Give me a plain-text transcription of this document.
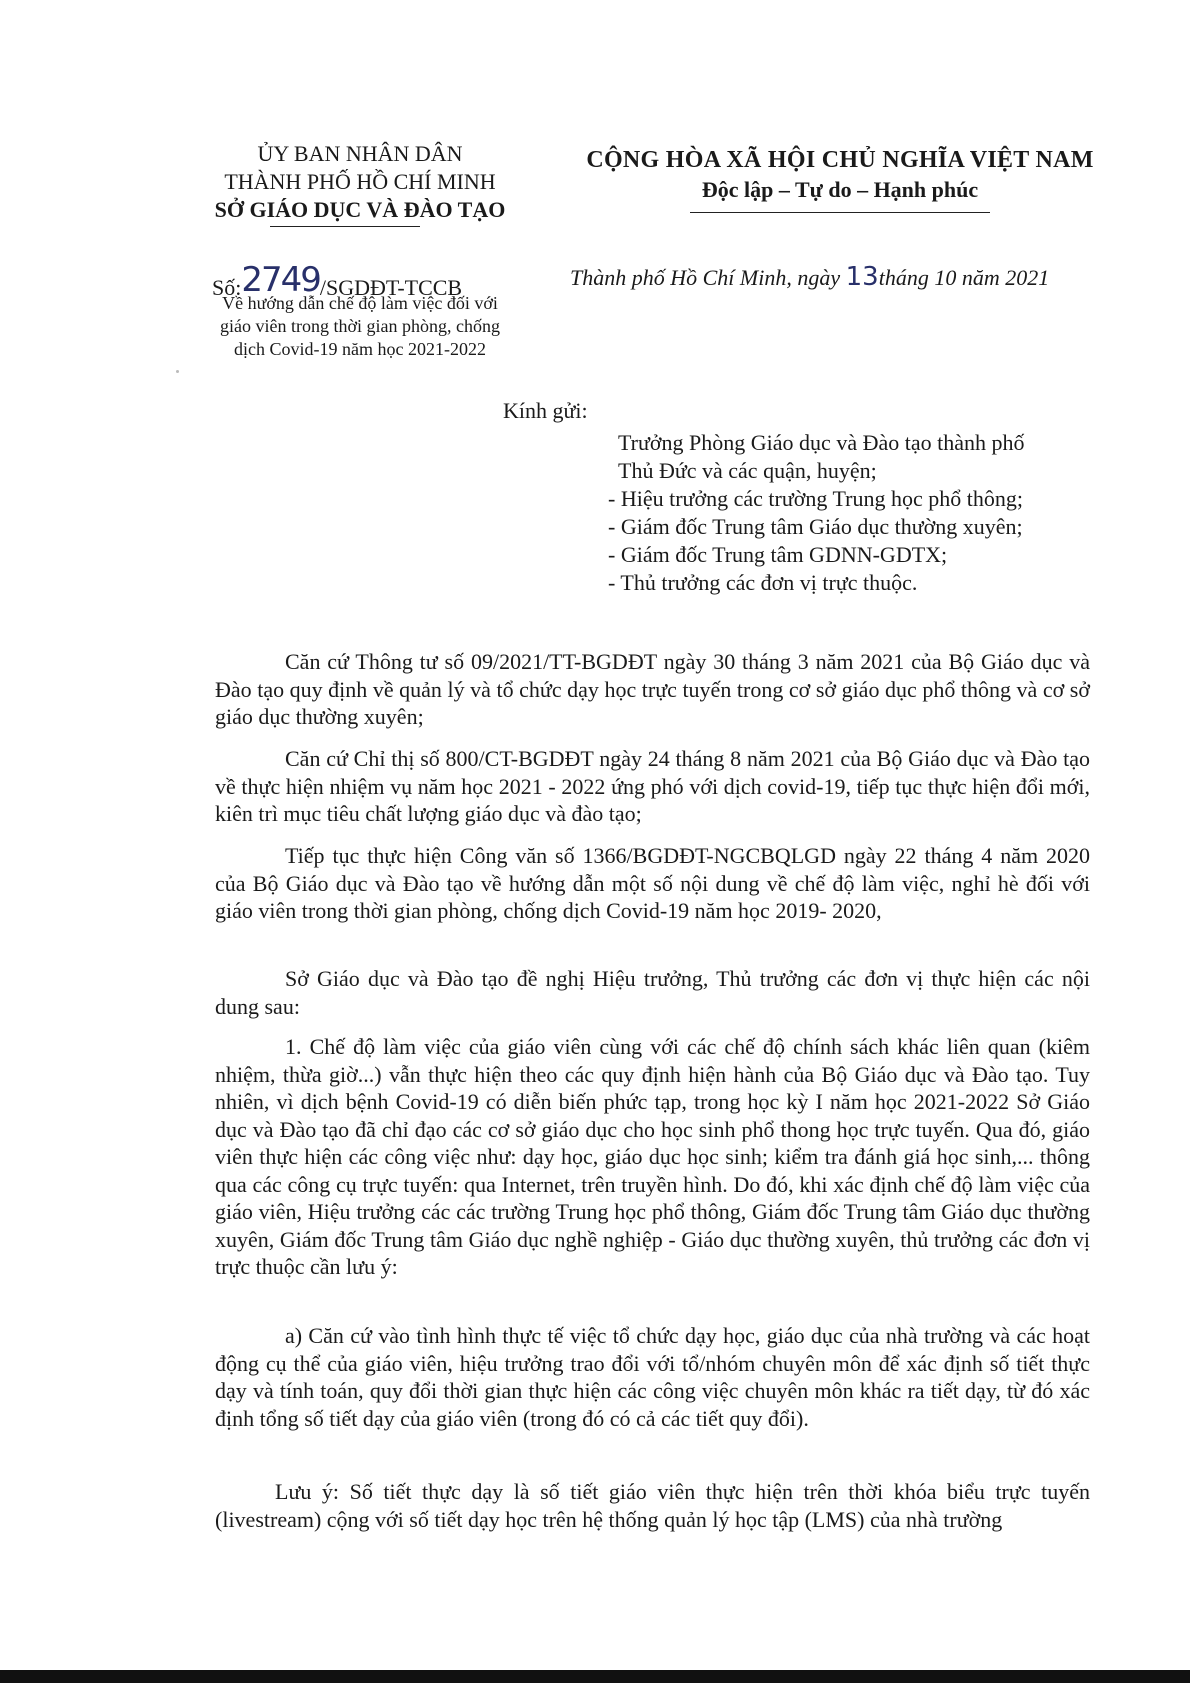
ỦY BAN NHÂN DÂN
THÀNH PHỐ HỒ CHÍ MINH
SỞ GIÁO DỤC VÀ ĐÀO TẠO
CỘNG HÒA XÃ HỘI CHỦ NGHĨA VIỆT NAM
Độc lập – Tự do – Hạnh phúc
Số:2749/SGDĐT-TCCB
Về hướng dẫn chế độ làm việc đối với
giáo viên trong thời gian phòng, chống
dịch Covid-19 năm học 2021-2022
Thành phố Hồ Chí Minh, ngày 13tháng 10 năm 2021
Kính gửi:
Trưởng Phòng Giáo dục và Đào tạo thành phố
Thủ Đức và các quận, huyện;
- Hiệu trưởng các trường Trung học phổ thông;
- Giám đốc Trung tâm Giáo dục thường xuyên;
- Giám đốc Trung tâm GDNN-GDTX;
- Thủ trưởng các đơn vị trực thuộc.

Căn cứ Thông tư số 09/2021/TT-BGDĐT ngày 30 tháng 3 năm 2021 của Bộ Giáo dục và Đào tạo quy định về quản lý và tổ chức dạy học trực tuyến trong cơ sở giáo dục phổ thông và cơ sở giáo dục thường xuyên;

Căn cứ Chỉ thị số 800/CT-BGDĐT ngày 24 tháng 8 năm 2021 của Bộ Giáo dục và Đào tạo về thực hiện nhiệm vụ năm học 2021 - 2022 ứng phó với dịch covid-19, tiếp tục thực hiện đổi mới, kiên trì mục tiêu chất lượng giáo dục và đào tạo;

Tiếp tục thực hiện Công văn số 1366/BGDĐT-NGCBQLGD ngày 22 tháng 4 năm 2020 của Bộ Giáo dục và Đào tạo về hướng dẫn một số nội dung về chế độ làm việc, nghỉ hè đối với giáo viên trong thời gian phòng, chống dịch Covid-19 năm học 2019- 2020,

Sở Giáo dục và Đào tạo đề nghị Hiệu trưởng, Thủ trưởng các đơn vị thực hiện các nội dung sau:

1. Chế độ làm việc của giáo viên cùng với các chế độ chính sách khác liên quan (kiêm nhiệm, thừa giờ...) vẫn thực hiện theo các quy định hiện hành của Bộ Giáo dục và Đào tạo. Tuy nhiên, vì dịch bệnh Covid-19 có diễn biến phức tạp, trong học kỳ I năm học 2021-2022 Sở Giáo dục và Đào tạo đã chỉ đạo các cơ sở giáo dục cho học sinh phổ thong học trực tuyến. Qua đó, giáo viên thực hiện các công việc như: dạy học, giáo dục học sinh; kiểm tra đánh giá học sinh,... thông qua các công cụ trực tuyến: qua Internet, trên truyền hình. Do đó, khi xác định chế độ làm việc của giáo viên, Hiệu trưởng các các trường Trung học phổ thông, Giám đốc Trung tâm Giáo dục thường xuyên, Giám đốc Trung tâm Giáo dục nghề nghiệp - Giáo dục thường xuyên, thủ trưởng các đơn vị trực thuộc cần lưu ý:

a) Căn cứ vào tình hình thực tế việc tổ chức dạy học, giáo dục của nhà trường và các hoạt động cụ thể của giáo viên, hiệu trưởng trao đổi với tổ/nhóm chuyên môn để xác định số tiết thực dạy và tính toán, quy đổi thời gian thực hiện các công việc chuyên môn khác ra tiết dạy, từ đó xác định tổng số tiết dạy của giáo viên (trong đó có cả các tiết quy đổi).

Lưu ý: Số tiết thực dạy là số tiết giáo viên thực hiện trên thời khóa biểu trực tuyến (livestream) cộng với số tiết dạy học trên hệ thống quản lý học tập (LMS) của nhà trường
